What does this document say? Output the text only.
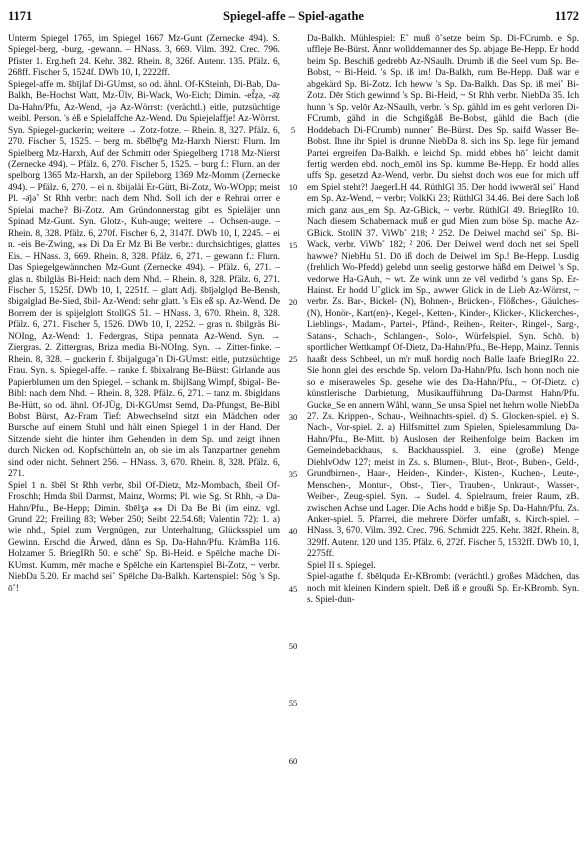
1171	Spiegel-affe – Spiel-agathe	1172

Unterm Spiegel 1765, im Spiegel 1667 Mz-Gunt (Zernecke 494). S. Spiegel-berg, -burg, -gewann. – HNass. 3, 669. Vilm. 392. Crec. 796. Pfister 1. Erg.heft 24. Kehr. 382. Rhein. 8, 326f. Autenr. 135. Pfälz. 6, 268ff. Fischer 5, 1524f. DWb 10, I, 2222ff.

Spiegel-affe m. šbījlaf Di-GUmst, so od. ähnl. Of-KSteinh, Di-Bab, Da-Balkh, Be-Hochst Watt, Mz-Ülv, Bi-Wack, Wo-Eich; Dimin. -ef̌ẓə, -ə̄ẓ Da-Hahn/Pfu, Az-Wend, -jə Az-Wörrst: (verächtl.) eitle, putzsüchtige weibl. Person. 's ėß e Spielaffche Az-Wend. Du Spiejelaffje! Az-Wörrst. Syn. Spiegel-guckerin; weitere → Zotz-fotze. – Rhein. 8, 327. Pfälz. 6, 270. Fischer 5, 1525. – berg m. šbē̆lbę̄ᵉg Mz-Harxh Nierst: Flurn. Im Spielberg Mz-Harxh, Auf der Schmitt oder Spiegelberg 1718 Mz-Nierst (Zernecke 494). – Pfälz. 6, 270. Fischer 5, 1525. – burg f.: Flurn. an der spelborg 1365 Mz-Harxh, an der Spileborg 1369 Mz-Momm (Zernecke 494). – Pfälz. 6, 270. – ei n. šbijəläi Er-Gütt, Bi-Zotz, Wo-WOpp; meist Pl. -ə̄jə˚ St Rhh verbr: nach dem Nhd. Soll ich der e Rehrai orrer e Spielai mache? Bi-Zotz. Am Gründonnerstag gibt es Spieläjer unn Spinad Mz-Gunt. Syn. Glotz-, Kuh-auge; weitere → Ochsen-auge. – Rhein. 8, 328. Pfälz. 6, 270f. Fischer 6, 2, 3147f. DWb 10, I, 2245. – ei n. -eis Be-Zwing, ⁎⁎ Di Da Er Mz Bi Be verbr.: durchsichtiges, glattes Eis. – HNass. 3, 669. Rhein. 8, 328. Pfälz. 6, 271. – gewann f.: Flurn. Das Spiegelgewännchen Mz-Gunt (Zernecke 494). – Pfälz. 6, 271. – glas n. šbilgläs Bi-Heid: nach dem Nhd. – Rhein. 8, 328. Pfälz. 6, 271. Fischer 5, 1525f. DWb 10, I, 2251f. – glatt Adj. šbījəlglǫd Be-Bensh, šbigəlglad Be-Sied, šbil- Az-Wend: sehr glatt. 's Eis eß sp. Az-Wend. De Borrem der is spijelglott StollGS 51. – HNass. 3, 670. Rhein. 8, 328. Pfälz. 6, 271. Fischer 5, 1526. DWb 10, I, 2252. – gras n. šbilgräs Bi-NOIng, Az-Wend: 1. Federgras, Stipa pennata Az-Wend. Syn. → Ziergras. 2. Zittergras, Briza media Bi-NOIng. Syn. → Zitter-finke. – Rhein. 8, 328. – guckerin f. šbijəlgugə˚n Di-GUmst: eitle, putzsüchtige Frau. Syn. s. Spiegel-affe. – ranke f. šbixəlrang Be-Bürst: Girlande aus Papierblumen um den Spiegel. – schank m. šbijlšang Wimpf, šbigəl- Be-Bibl: nach dem Nhd. – Rhein. 8, 328. Pfälz. 6, 271. – tanz m. šbigldans Be-Hütt, so od. ähnl. Of-JÜg, Di-KGUmst Semd, Da-Pfungst, Be-Bibl Bobst Bürst, Az-Fram Tief: Abwechselnd sitzt ein Mädchen oder Bursche auf einem Stuhl und hält einen Spiegel 1 in der Hand. Der Sitzende sieht die hinter ihm Gehenden in dem Sp. und zeigt ihnen durch Nicken od. Kopfschütteln an, ob sie im als Tanzpartner genehm sind oder nicht. Sehnert 256. – HNass. 3, 670. Rhein. 8, 328. Pfälz. 6, 271.

Spiel 1 n. šbēl St Rhh verbr, šbil Of-Dietz, Mz-Mombach, šbeil Of-Froschh; Hmda šbil Darmst, Mainz, Worms; Pl. wie Sg. St Rhh, -ə Da-Hahn/Pfu., Be-Hepp; Dimin. šbēlʒə ⁎⁎ Di Da Be Bi (im einz. vgl. Grund 22; Freiling 83; Weber 250; Seibt 22.54.68; Valentin 72): 1. a) wie nhd., Spiel zum Vergnügen, zur Unterhaltung, Glücksspiel um Gewinn. Erschd die Ärwed, dånn es Sp. Da-Hahn/Pfu. KrämBa 116. Holzamer 5. BriegIRh 50. e schē˚ Sp. Bi-Heid. e Spēlche mache Di-KUmst. Kumm, mēr mache e Spēlche ein Kartenspiel Bi-Zotz, ~ verbr. NiebDa 5.20. Er machd sei˚ Spēlche Da-Balkh. Kartenspiel: Sög 's Sp. ō˚!

5
10
15
20
25
30
35
40
45
50
55
60

Da-Balkh. Mühlespiel: E˚ muß ō˚setze beim Sp. Di-FCrumb. e Sp. uffleje Be-Bürst. Ännr wollddemanner des Sp. abjage Be-Hepp. Er hodd beim Sp. Beschiß gedrebb Az-NSaulh. Drumb iß die Seel vum Sp. Be-Bobst, ~ Bi-Heid. 's Sp. iß im! Da-Balkh, rum Be-Hepp. Daß war e abgekärd Sp. Bi-Zotz. Ich heww 's Sp. Da-Balkh. Das Sp. iß mei˚ Bi-Zotz. Dēr Stich gewinnd 's Sp. Bi-Heid, ~ St Rhh verbr. NiebDa 35. Ich hunn 's Sp. velōr Az-NSaulh, verbr. 's Sp. gähld im es geht verloren Di-FCrumb, gähd in die Schgißgåß Be-Bobst, gähld die Bach (die Hoddebach Di-FCrumb) nunner˚ Be-Bürst. Des Sp. saifd Wasser Be-Bobst. Ihne ihr Spiel is drunne NiebDa 8. sich ins Sp. lege für jemand Partei ergreifen Da-Balkh. e leichd Sp. midd ebbes hō˚ leicht damit fertig werden ebd. noch_emōl ins Sp. kumme Be-Hepp. Er hodd alles uffs Sp. gesetzd Az-Wend, verbr. Du siehst doch wos eue for mich uff em Spiel steht?! JaegerLH 44. RüthlGl 35. Der hodd iwwerāl sei˚ Hand em Sp. Az-Wend, ~ verbr; VolkKi 23; RüthlGl 34.46. Bei dere Sach loß mich ganz aus_em Sp. Az-GBick, ~ verbr. RüthlGl 49. BriegIRo 10. Nach diesem Schabernack muß er gud Mien zum böse Sp. mache Az-GBick. StollN 37. ViWb˚ 218; ² 252. De Deiwel machd sei˚ Sp. Bi-Wack, verbr. ViWb˚ 182; ² 206. Der Deiwel werd doch net sei Spell hawwe? NiebHu 51. Dō iß doch de Deiwel im Sp.! Be-Hepp. Lusdig (frehlich Wo-Pfedd) gelebd unn seelig gestorwe häßd em Deiwel 's Sp. vedorwe Ha-GAuh, ~ wt. Ze wink unn ze vēl vedirbd 's gans Sp. Er-Hainst. Er hodd U˚glick im Sp., awwer Glick in de Lieb Az-Wörrst, ~ verbr. Zs. Bar-, Bickel- (N), Bohnen-, Brücken-, Flößches-, Gäulches- (N), Honör-, Kart(en)-, Kegel-, Ketten-, Kinder-, Klicker-, Klickerches-, Lieblings-, Madam-, Partei-, Pfänd-, Reihen-, Reiter-, Ringel-, Sarg-, Satans-, Schach-, Schlangen-, Solo-, Würfelspiel. Syn. Schō. b) sportlicher Wettkampf Of-Dietz, Da-Hahn/Pfu., Be-Hepp, Mainz. Tennis haaßt dess Schbeel, un m'r muß hordig noch Balle laafe BriegIRo 22. Sie honn glei des erschde Sp. velorn Da-Hahn/Pfu. Isch honn noch nie so e miseraweles Sp. gesehe wie des Da-Hahn/Pfu., ~ Of-Dietz. c) künstlerische Darbietung, Musikaufführung Da-Darmst Hahn/Pfu. Gucke_Se en annern Wåhl, wann_Se unsa Spiel net hehrn wolle NiebDa 27. Zs. Krippen-, Schau-, Weihnachts-spiel. d) S. Glocken-spiel. e) S. Nach-, Vor-spiel. 2. a) Hilfsmittel zum Spielen, Spielesammlung Da-Hahn/Pfu., Be-Mitt. b) Auslosen der Reihenfolge beim Backen im Gemeindebackhaus, s. Backhausspiel. 3. eine (große) Menge DiehlvOdw 127; meist in Zs. s. Blumen-, Blut-, Brot-, Buben-, Geld-, Grundbirnen-, Haar-, Heiden-, Kinder-, Kisten-, Kuchen-, Leute-, Menschen-, Montur-, Obst-, Tier-, Trauben-, Unkraut-, Wasser-, Weiber-, Zeug-spiel. Syn. → Sudel. 4. Spielraum, freier Raum, zB. zwischen Achse und Lager. Die Achs hodd e bißje Sp. Da-Hahn/Pfu. Zs. Anker-spiel. 5. Pfarrei, die mehrere Dörfer umfaßt, s. Kirch-spiel. – HNass. 3, 670. Vilm. 392. Crec. 796. Schmidt 225. Kehr. 382f. Rhein. 8, 329ff. Autenr. 120 und 135. Pfälz. 6, 272f. Fischer 5, 1532ff. DWb 10, I, 2275ff.

Spiel II s. Spiegel.

Spiel-agathe f. šbēlqudə Er-KBromb: (verächtl.) großes Mädchen, das noch mit kleinen Kindern spielt. Deß iß e groußi Sp. Er-KBromb. Syn. s. Spiel-dun-
